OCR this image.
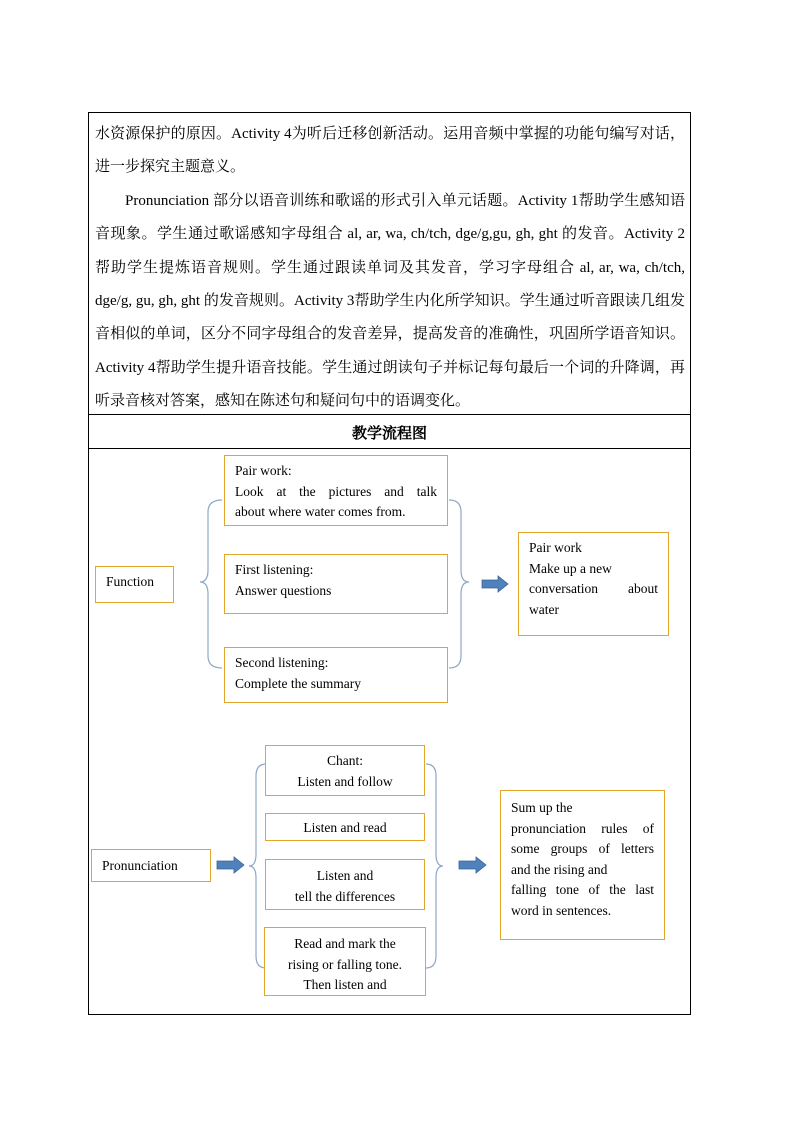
水资源保护的原因。Activity 4为听后迁移创新活动。运用音频中掌握的功能句编写对话，进一步探究主题意义。

Pronunciation 部分以语音训练和歌谣的形式引入单元话题。Activity 1帮助学生感知语音现象。学生通过歌谣感知字母组合 al, ar, wa, ch/tch, dge/g,gu, gh, ght 的发音。Activity 2帮助学生提炼语音规则。学生通过跟读单词及其发音，学习字母组合 al, ar, wa, ch/tch, dge/g, gu, gh, ght 的发音规则。Activity 3帮助学生内化所学知识。学生通过听音跟读几组发音相似的单词，区分不同字母组合的发音差异，提高发音的准确性，巩固所学语音知识。Activity 4帮助学生提升语音技能。学生通过朗读句子并标记每句最后一个词的升降调，再听录音核对答案，感知在陈述句和疑问句中的语调变化。

教学流程图
Function
Pair work:
Look at the pictures and talk
about where water comes from.
First listening:
Answer questions
Second listening:
Complete the summary
Pair work
Make up a new
conversation about
water
Pronunciation
Chant:
Listen and follow
Listen and read
Listen and
tell the differences
Read and mark the
rising or falling tone.
Then listen and
Sum up the
pronunciation rules of
some groups of letters
and the rising and
falling tone of the last
word in sentences.
